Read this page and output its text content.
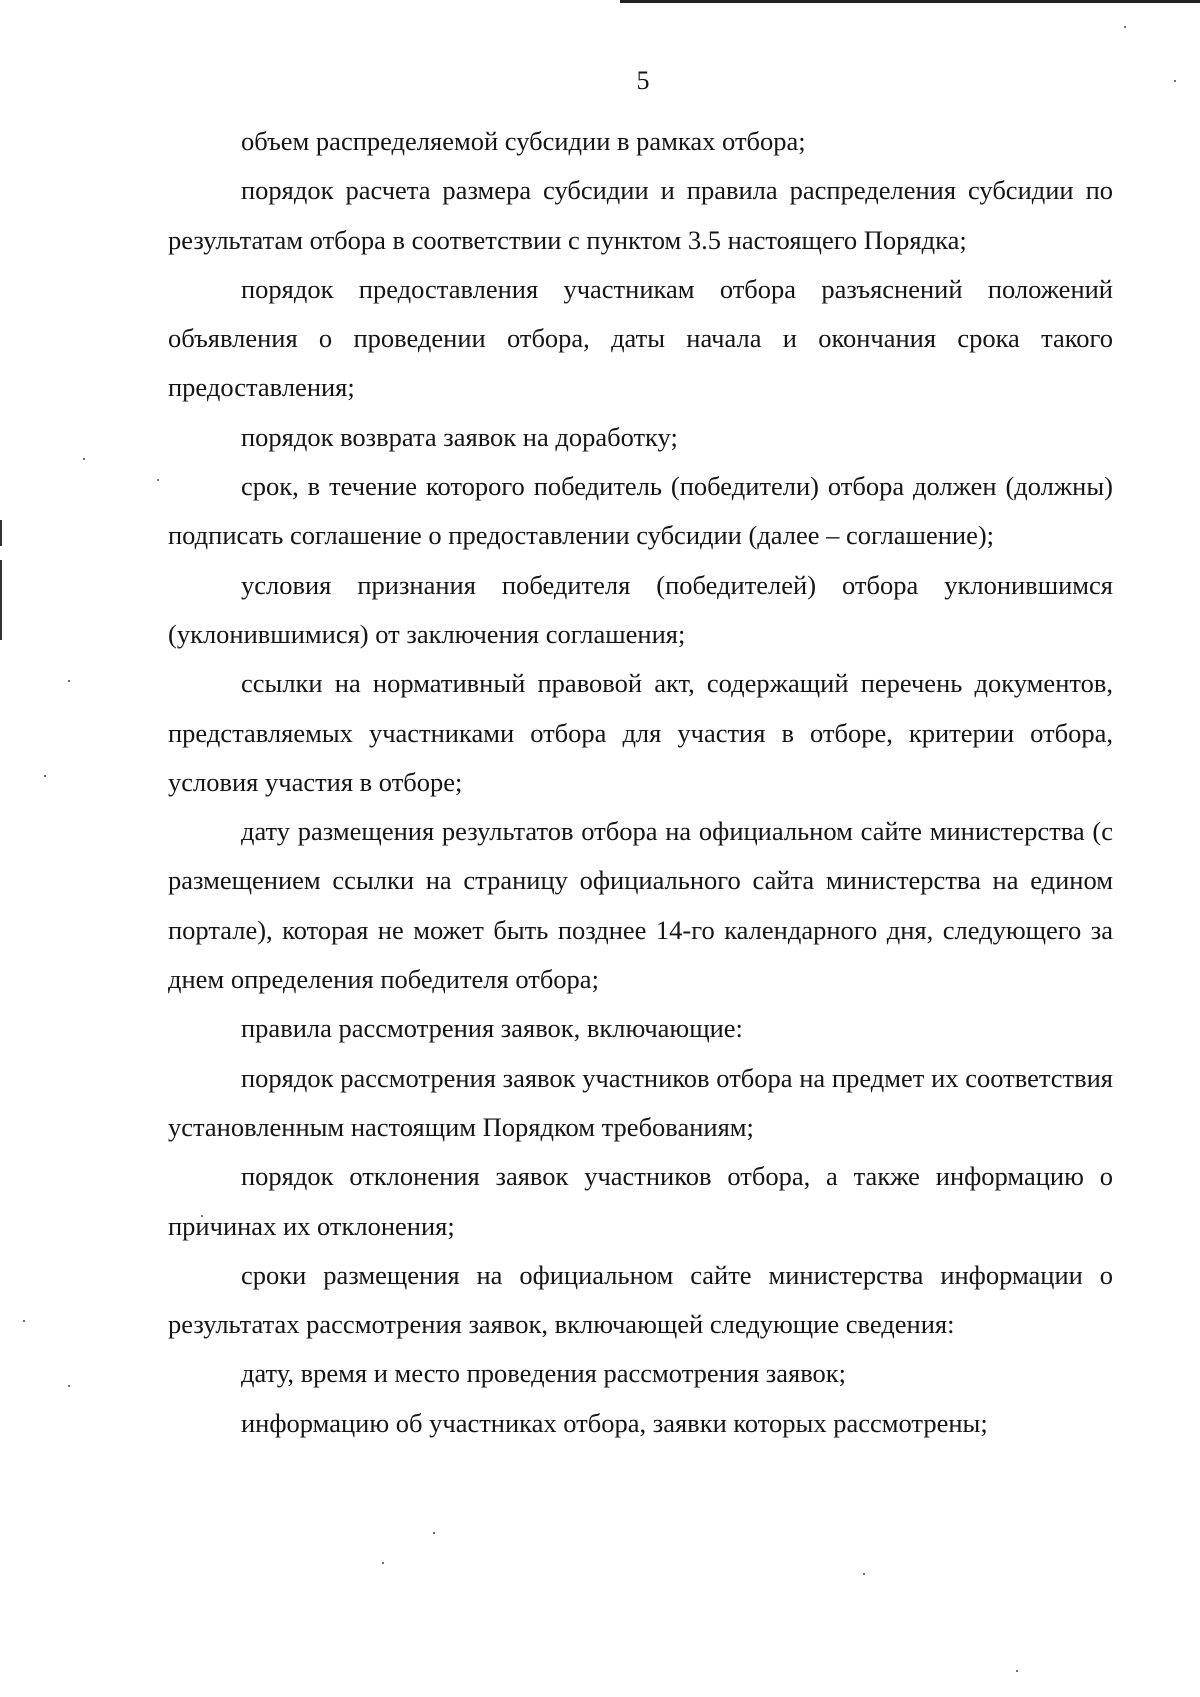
5

объем распределяемой субсидии в рамках отбора;

порядок расчета размера субсидии и правила распределения субсидии по результатам отбора в соответствии с пунктом 3.5 настоящего Порядка;

порядок предоставления участникам отбора разъяснений положений объявления о проведении отбора, даты начала и окончания срока такого предоставления;

порядок возврата заявок на доработку;

срок, в течение которого победитель (победители) отбора должен (должны) подписать соглашение о предоставлении субсидии (далее – соглашение);

условия признания победителя (победителей) отбора уклонившимся (уклонившимися) от заключения соглашения;

ссылки на нормативный правовой акт, содержащий перечень документов, представляемых участниками отбора для участия в отборе, критерии отбора, условия участия в отборе;

дату размещения результатов отбора на официальном сайте министерства (с размещением ссылки на страницу официального сайта министерства на едином портале), которая не может быть позднее 14-го календарного дня, следующего за днем определения победителя отбора;

правила рассмотрения заявок, включающие:

порядок рассмотрения заявок участников отбора на предмет их соответствия установленным настоящим Порядком требованиям;

порядок отклонения заявок участников отбора, а также информацию о причинах их отклонения;

сроки размещения на официальном сайте министерства информации о результатах рассмотрения заявок, включающей следующие сведения:

дату, время и место проведения рассмотрения заявок;

информацию об участниках отбора, заявки которых рассмотрены;
